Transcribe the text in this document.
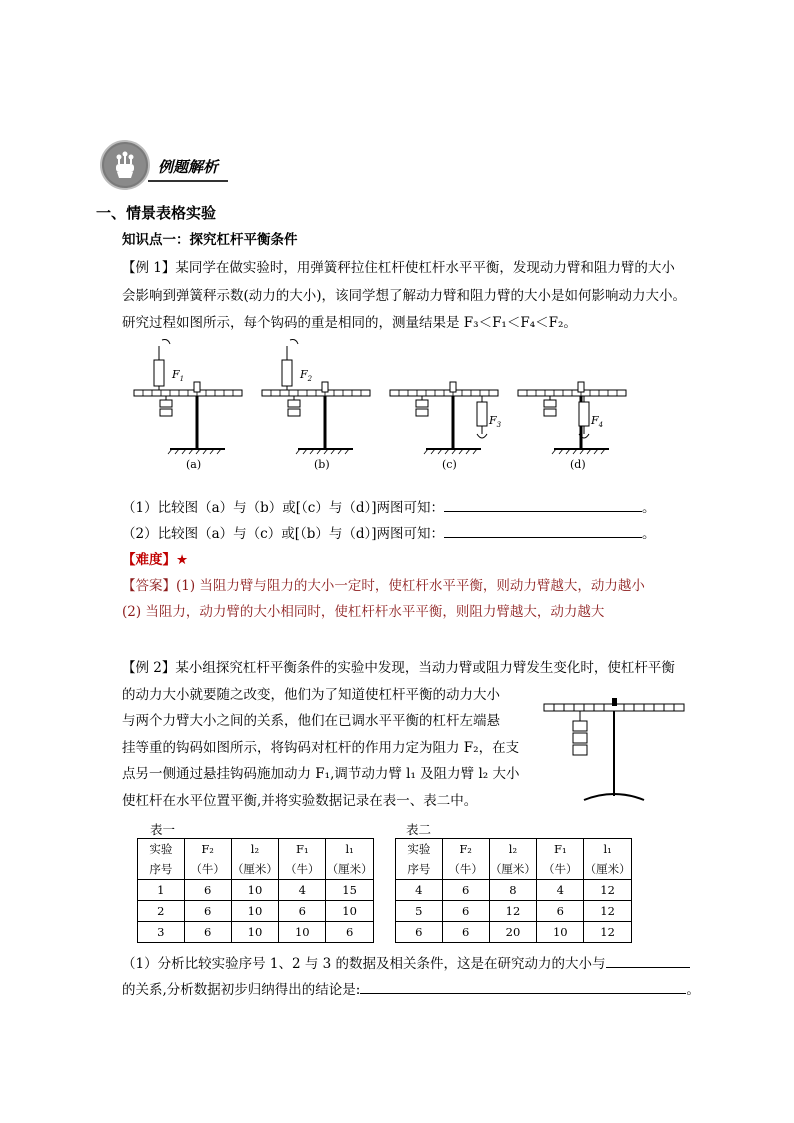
例题解析
一、情景表格实验
知识点一：探究杠杆平衡条件
【例 1】某同学在做实验时，用弹簧秤拉住杠杆使杠杆水平平衡，发现动力臂和阻力臂的大小
会影响到弹簧秤示数(动力的大小)，该同学想了解动力臂和阻力臂的大小是如何影响动力大小。
研究过程如图所示，每个钩码的重是相同的，测量结果是 F₃＜F₁＜F₄＜F₂。
$F_1$
(a)
$F_2$
(b)
$F_3$
(c)
$F_4$
(d)
（1）比较图（a）与（b）或[（c）与（d）]两图可知：	。
（2）比较图（a）与（c）或[（b）与（d）]两图可知：	。
【难度】★
【答案】(1) 当阻力臂与阻力的大小一定时，使杠杆水平平衡，则动力臂越大，动力越小
(2) 当阻力，动力臂的大小相同时，使杠杆杆水平平衡，则阻力臂越大，动力越大
【例 2】某小组探究杠杆平衡条件的实验中发现，当动力臂或阻力臂发生变化时，使杠杆平衡
的动力大小就要随之改变，他们为了知道使杠杆平衡的动力大小
与两个力臂大小之间的关系，他们在已调水平平衡的杠杆左端悬
挂等重的钩码如图所示，将钩码对杠杆的作用力定为阻力 F₂，在支
点另一侧通过悬挂钩码施加动力 F₁,调节动力臂 l₁ 及阻力臂 l₂ 大小
使杠杆在水平位置平衡,并将实验数据记录在表一、表二中。
表一	表二
实验	F₂	l₂	F₁	l₁
序号	（牛）	（厘米）	（牛）	（厘米）
1	6	10	4	15
2	6	10	6	10
3	6	10	10	6
实验	F₂	l₂	F₁	l₁
序号	（牛）	（厘米）	（牛）	（厘米）
4	6	8	4	12
5	6	12	6	12
6	6	20	10	12
（1）分析比较实验序号 1、2 与 3 的数据及相关条件，这是在研究动力的大小与
的关系,分析数据初步归纳得出的结论是:	。
